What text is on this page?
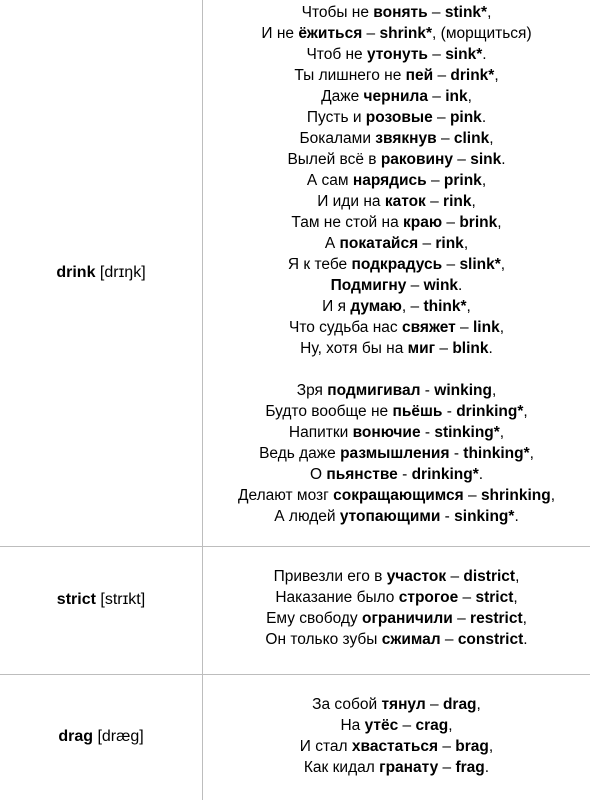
drink [drɪŋk]
Чтобы не вонять – stink*,
И не ёжиться – shrink*, (морщиться)
Чтоб не утонуть – sink*.
Ты лишнего не пей – drink*,
Даже чернила – ink,
Пусть и розовые – pink.
Бокалами звякнув – clink,
Вылей всё в раковину – sink.
А сам нарядись – prink,
И иди на каток – rink,
Там не стой на краю – brink,
А покатайся – rink,
Я к тебе подкрадусь – slink*,
Подмигну – wink.
И я думаю, – think*,
Что судьба нас свяжет – link,
Ну, хотя бы на миг – blink.
Зря подмигивал - winking,
Будто вообще не пьёшь - drinking*,
Напитки вонючие - stinking*,
Ведь даже размышления - thinking*,
О пьянстве - drinking*.
Делают мозг сокращающимся – shrinking,
А людей утопающими - sinking*.
strict [strɪkt]
Привезли его в участок – district,
Наказание было строгое – strict,
Ему свободу ограничили – restrict,
Он только зубы сжимал – constrict.
drag [dræg]
За собой тянул – drag,
На утёс – crag,
И стал хвастаться – brag,
Как кидал гранату – frag.
